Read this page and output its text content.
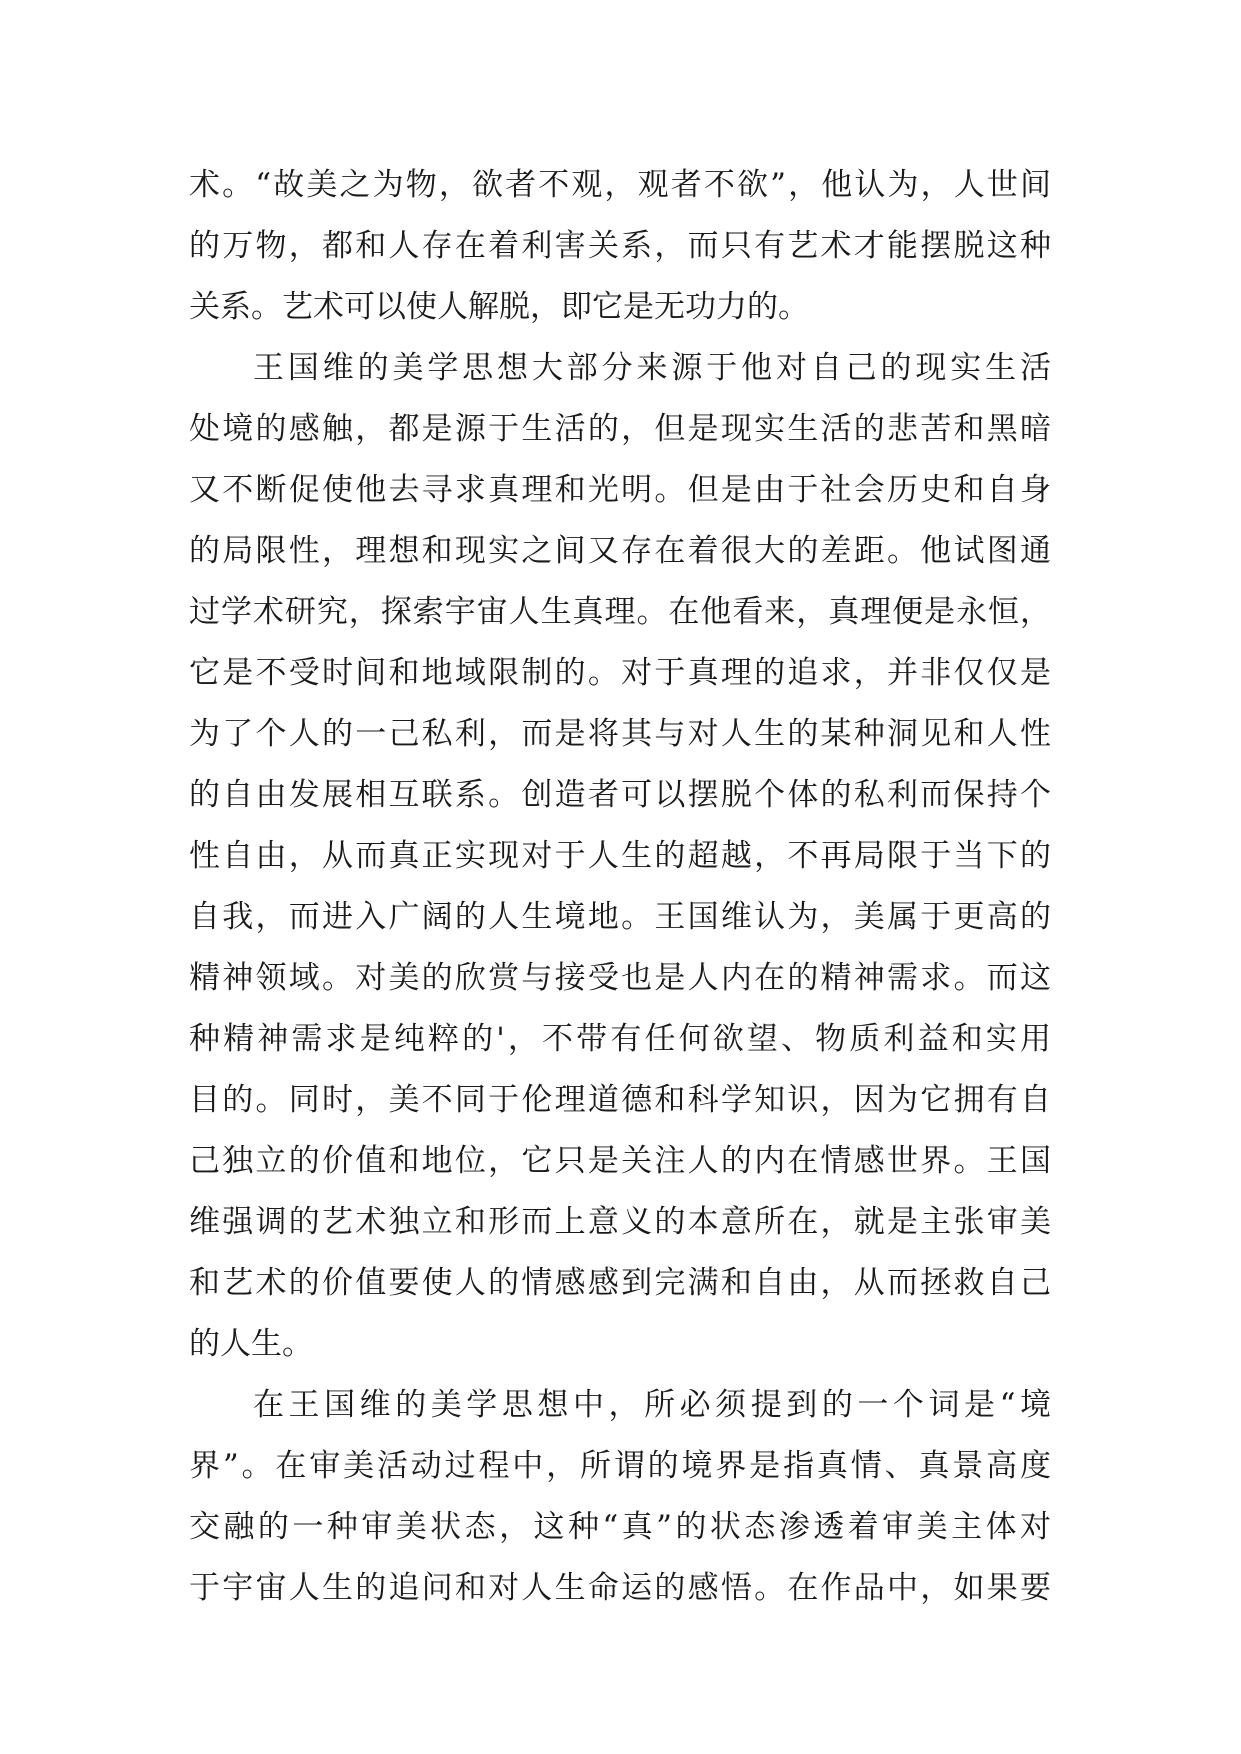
术。“故美之为物，欲者不观，观者不欲”，他认为，人世间
的万物，都和人存在着利害关系，而只有艺术才能摆脱这种
关系。艺术可以使人解脱，即它是无功力的。
王国维的美学思想大部分来源于他对自己的现实生活
处境的感触，都是源于生活的，但是现实生活的悲苦和黑暗
又不断促使他去寻求真理和光明。但是由于社会历史和自身
的局限性，理想和现实之间又存在着很大的差距。他试图通
过学术研究，探索宇宙人生真理。在他看来，真理便是永恒，
它是不受时间和地域限制的。对于真理的追求，并非仅仅是
为了个人的一己私利，而是将其与对人生的某种洞见和人性
的自由发展相互联系。创造者可以摆脱个体的私利而保持个
性自由，从而真正实现对于人生的超越，不再局限于当下的
自我，而进入广阔的人生境地。王国维认为，美属于更高的
精神领域。对美的欣赏与接受也是人内在的精神需求。而这
种精神需求是纯粹的'，不带有任何欲望、物质利益和实用
目的。同时，美不同于伦理道德和科学知识，因为它拥有自
己独立的价值和地位，它只是关注人的内在情感世界。王国
维强调的艺术独立和形而上意义的本意所在，就是主张审美
和艺术的价值要使人的情感感到完满和自由，从而拯救自己
的人生。
在王国维的美学思想中，所必须提到的一个词是“境
界”。在审美活动过程中，所谓的境界是指真情、真景高度
交融的一种审美状态，这种“真”的状态渗透着审美主体对
于宇宙人生的追问和对人生命运的感悟。在作品中，如果要
